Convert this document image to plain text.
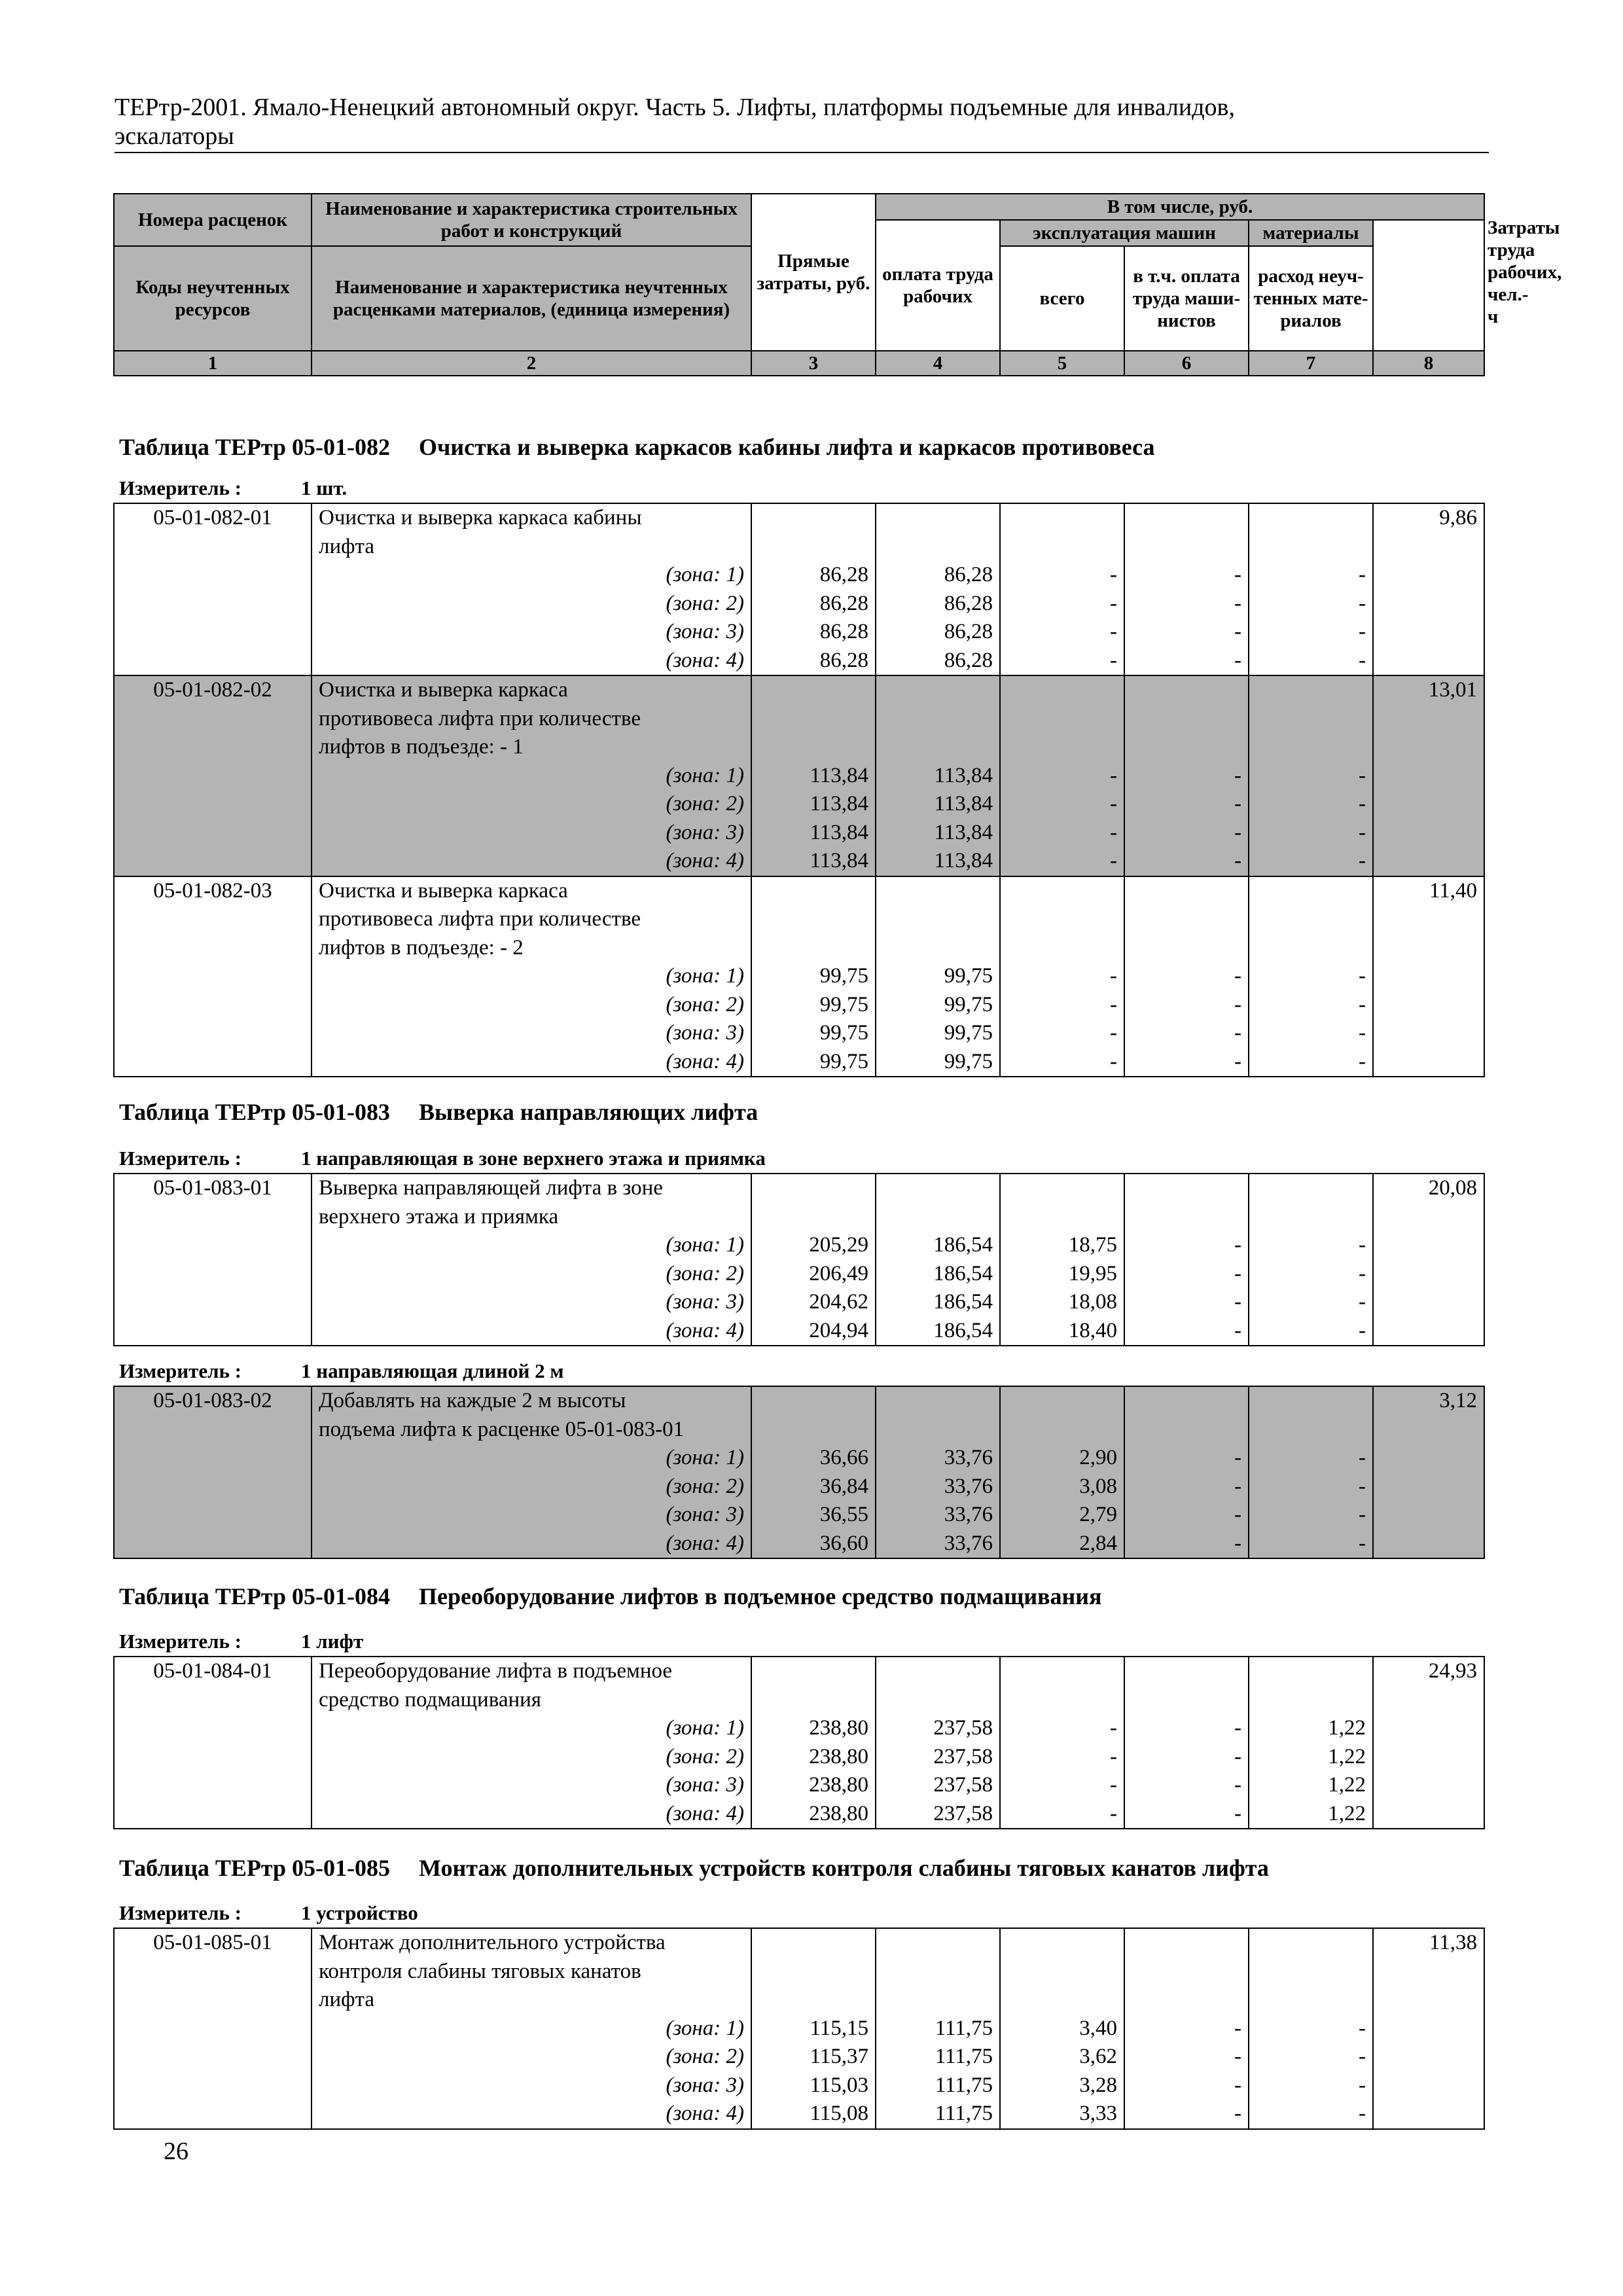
ТЕРтр-2001. Ямало-Ненецкий автономный округ. Часть 5. Лифты, платформы подъемные для инвалидов,
эскалаторы
Номера расценок	Наименование и характеристика строительных работ и конструкций	Прямые затраты, руб.	В том числе, руб.					Затраты труда рабочих, чел.-ч
			оплата труда рабочих	эксплуатация машин		материалы		
Коды неучтенных ресурсов	Наименование и характеристика неучтенных расценками материалов, (единица измерения)			всего	в т.ч. оплата труда маши-нистов	расход неуч-тенных мате-риалов		

1	2	3	4	5	6	7	8	
Таблица ТЕРтр 05-01-082 Очистка и выверка каркасов кабины лифта и каркасов противовеса
Измеритель :	1 шт.
05-01-082-01	Очистка и выверка каркаса кабины						9,86
	лифта						
	(зона: 1)	86,28	86,28	-	-	-	
	(зона: 2)	86,28	86,28	-	-	-	
	(зона: 3)	86,28	86,28	-	-	-	
	(зона: 4)	86,28	86,28	-	-	-	
05-01-082-02	Очистка и выверка каркаса						13,01
	противовеса лифта при количестве						
	лифтов в подъезде: - 1						
	(зона: 1)	113,84	113,84	-	-	-	
	(зона: 2)	113,84	113,84	-	-	-	
	(зона: 3)	113,84	113,84	-	-	-	
	(зона: 4)	113,84	113,84	-	-	-	
05-01-082-03	Очистка и выверка каркаса						11,40
	противовеса лифта при количестве						
	лифтов в подъезде: - 2						
	(зона: 1)	99,75	99,75	-	-	-	
	(зона: 2)	99,75	99,75	-	-	-	
	(зона: 3)	99,75	99,75	-	-	-	
	(зона: 4)	99,75	99,75	-	-	-	
Таблица ТЕРтр 05-01-083 Выверка направляющих лифта
Измеритель :	1 направляющая в зоне верхнего этажа и приямка
05-01-083-01	Выверка направляющей лифта в зоне						20,08
	верхнего этажа и приямка						
	(зона: 1)	205,29	186,54	18,75	-	-	
	(зона: 2)	206,49	186,54	19,95	-	-	
	(зона: 3)	204,62	186,54	18,08	-	-	
	(зона: 4)	204,94	186,54	18,40	-	-	
Измеритель :	1 направляющая длиной 2 м
05-01-083-02	Добавлять на каждые 2 м высоты						3,12
	подъема лифта к расценке 05-01-083-01						
	(зона: 1)	36,66	33,76	2,90	-	-	
	(зона: 2)	36,84	33,76	3,08	-	-	
	(зона: 3)	36,55	33,76	2,79	-	-	
	(зона: 4)	36,60	33,76	2,84	-	-	
Таблица ТЕРтр 05-01-084 Переоборудование лифтов в подъемное средство подмащивания
Измеритель :	1 лифт
05-01-084-01	Переоборудование лифта в подъемное						24,93
	средство подмащивания						
	(зона: 1)	238,80	237,58	-	-	1,22	
	(зона: 2)	238,80	237,58	-	-	1,22	
	(зона: 3)	238,80	237,58	-	-	1,22	
	(зона: 4)	238,80	237,58	-	-	1,22	
Таблица ТЕРтр 05-01-085 Монтаж дополнительных устройств контроля слабины тяговых канатов лифта
Измеритель :	1 устройство
05-01-085-01	Монтаж дополнительного устройства						11,38
	контроля слабины тяговых канатов						
	лифта						
	(зона: 1)	115,15	111,75	3,40	-	-	
	(зона: 2)	115,37	111,75	3,62	-	-	
	(зона: 3)	115,03	111,75	3,28	-	-	
	(зона: 4)	115,08	111,75	3,33	-	-	
26
